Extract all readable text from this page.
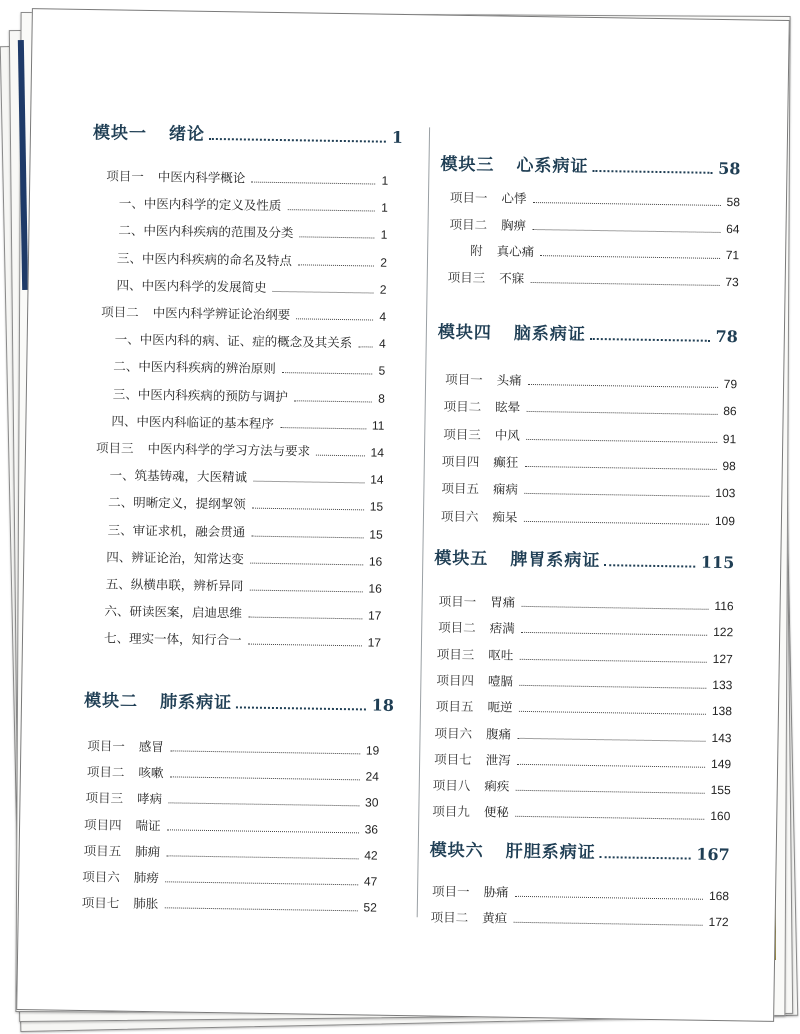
模块一 绪论	1
项目一 中医内科学概论	1
一、中医内科学的定义及性质	1
二、中医内科疾病的范围及分类	1
三、中医内科疾病的命名及特点	2
四、中医内科学的发展简史	2
项目二 中医内科学辨证论治纲要	4
一、中医内科的病、证、症的概念及其关系 4
二、中医内科疾病的辨治原则	5
三、中医内科疾病的预防与调护	8
四、中医内科临证的基本程序	11
项目三 中医内科学的学习方法与要求	14
一、筑基铸魂，大医精诚	14
二、明晰定义，提纲挈领	15
三、审证求机，融会贯通	15
四、辨证论治，知常达变	16
五、纵横串联，辨析异同	16
六、研读医案，启迪思维	17
七、理实一体，知行合一	17
模块二 肺系病证	18
项目一 感冒	19
项目二 咳嗽	24
项目三 哮病	30
项目四 喘证	36
项目五 肺痈	42
项目六 肺痨	47
项目七 肺胀	52
模块三 心系病证	58
项目一 心悸	58
项目二 胸痹	64
附 真心痛	71
项目三 不寐	73
模块四 脑系病证	78
项目一 头痛	79
项目二 眩晕	86
项目三 中风	91
项目四 癫狂	98
项目五 痫病	103
项目六 痴呆	109
模块五 脾胃系病证	115
项目一 胃痛	116
项目二 痞满	122
项目三 呕吐	127
项目四 噎膈	133
项目五 呃逆	138
项目六 腹痛	143
项目七 泄泻	149
项目八 痢疾	155
项目九 便秘	160
模块六 肝胆系病证	167
项目一 胁痛	168
项目二 黄疸	172
